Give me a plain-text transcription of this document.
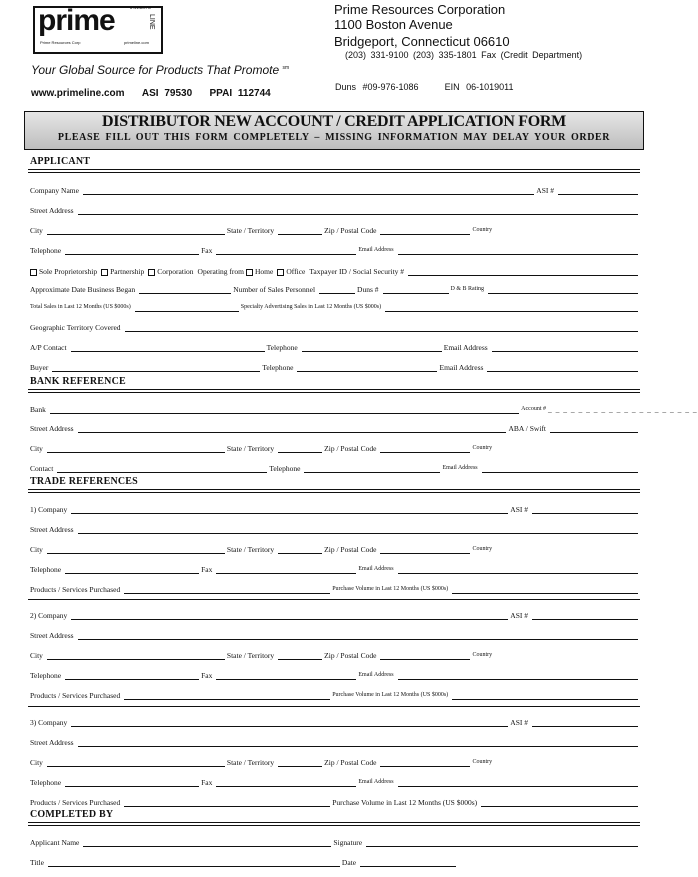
prime	a division of
LINE
Prime Resources Corp	primeline.com
Your Global Source for Products That Promote $^{sm}$
www.primeline.com ASI 79530 PPAI 112744
Prime Resources Corporation
1100 Boston Avenue
Bridgeport, Connecticut 06610
(203) 331-9100 (203) 335-1801 Fax (Credit Department)
Duns #09-976-1086	EIN 06-1019011
DISTRIBUTOR NEW ACCOUNT / CREDIT APPLICATION FORM
PLEASE FILL OUT THIS FORM COMPLETELY – MISSING INFORMATION MAY DELAY YOUR ORDER
APPLICANT
Company Name	ASI #
Street Address
City	State / Territory	Zip / Postal Code	Country
Telephone	Fax	Email Address
Sole Proprietorship Partnership Corporation Operating from Home Office Taxpayer ID / Social Security #
Approximate Date Business Began	Number of Sales Personnel	Duns #	D & B Rating
Total Sales in Last 12 Months (US $000s)	Specialty Advertising Sales in Last 12 Months (US $000s)
Geographic Territory Covered
A/P Contact	Telephone	Email Address
Buyer	Telephone	Email Address
BANK REFERENCE
Bank	Account # _ _ _ _ _ _ _ _ _ _ _ _ _ _ _ _ _ _ _ _
Street Address	ABA / Swift
City	State / Territory	Zip / Postal Code	Country
Contact	Telephone	Email Address
TRADE REFERENCES
1) Company	ASI #
Street Address
City	State / Territory	Zip / Postal Code	Country
Telephone	Fax	Email Address
Products / Services Purchased	Purchase Volume in Last 12 Months (US $000s)
2) Company	ASI #
Street Address
City	State / Territory	Zip / Postal Code	Country
Telephone	Fax	Email Address
Products / Services Purchased	Purchase Volume in Last 12 Months (US $000s)
3) Company	ASI #
Street Address
City	State / Territory	Zip / Postal Code	Country
Telephone	Fax	Email Address
Products / Services Purchased	Purchase Volume in Last 12 Months (US $000s)
COMPLETED BY
Applicant Name	Signature
Title	Date
